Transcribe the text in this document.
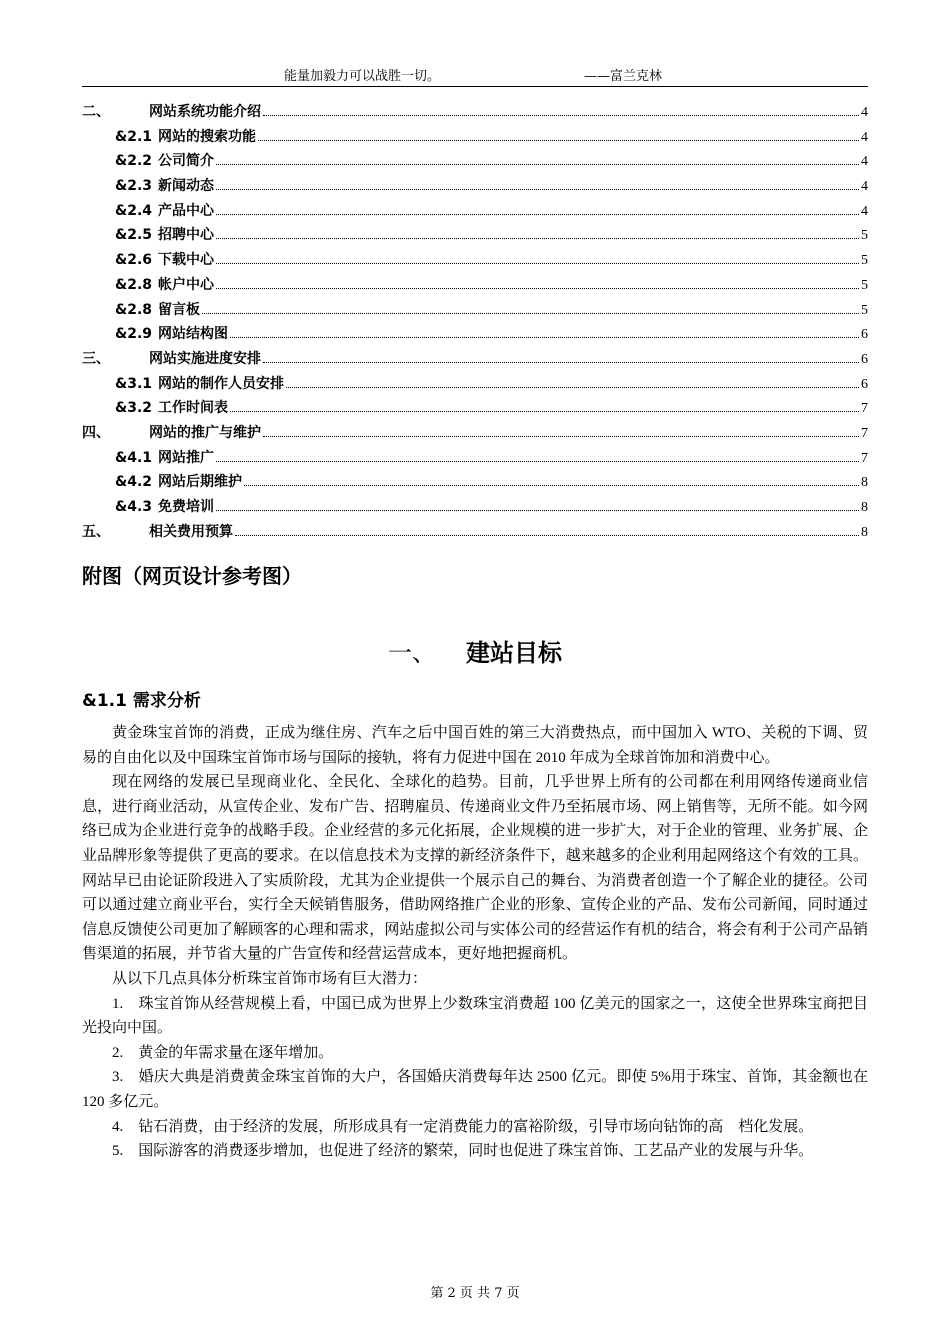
能量加毅力可以战胜一切。	——富兰克林
二、	网站系统功能介绍	4
&2.1 网站的搜索功能	4
&2.2 公司简介	4
&2.3 新闻动态	4
&2.4 产品中心	4
&2.5 招聘中心	5
&2.6 下载中心	5
&2.8 帐户中心	5
&2.8 留言板	5
&2.9 网站结构图	6
三、	网站实施进度安排	6
&3.1 网站的制作人员安排	6
&3.2 工作时间表	7
四、	网站的推广与维护	7
&4.1 网站推广	7
&4.2 网站后期维护	8
&4.3 免费培训	8
五、	相关费用预算	8
附图（网页设计参考图）
一、 建站目标
&1.1 需求分析

黄金珠宝首饰的消费，正成为继住房、汽车之后中国百姓的第三大消费热点，而中国加入 WTO、关税的下调、贸易的自由化以及中国珠宝首饰市场与国际的接轨，将有力促进中国在 2010 年成为全球首饰加和消费中心。

现在网络的发展已呈现商业化、全民化、全球化的趋势。目前，几乎世界上所有的公司都在利用网络传递商业信息，进行商业活动，从宣传企业、发布广告、招聘雇员、传递商业文件乃至拓展市场、网上销售等，无所不能。如今网络已成为企业进行竞争的战略手段。企业经营的多元化拓展，企业规模的进一步扩大，对于企业的管理、业务扩展、企业品牌形象等提供了更高的要求。在以信息技术为支撑的新经济条件下，越来越多的企业利用起网络这个有效的工具。网站早已由论证阶段进入了实质阶段，尤其为企业提供一个展示自己的舞台、为消费者创造一个了解企业的捷径。公司可以通过建立商业平台，实行全天候销售服务，借助网络推广企业的形象、宣传企业的产品、发布公司新闻，同时通过信息反馈使公司更加了解顾客的心理和需求，网站虚拟公司与实体公司的经营运作有机的结合，将会有利于公司产品销售渠道的拓展，并节省大量的广告宣传和经营运营成本，更好地把握商机。

从以下几点具体分析珠宝首饰市场有巨大潜力：

1.　珠宝首饰从经营规模上看，中国已成为世界上少数珠宝消费超 100 亿美元的国家之一，这使全世界珠宝商把目光投向中国。

2.　黄金的年需求量在逐年增加。

3.　婚庆大典是消费黄金珠宝首饰的大户，各国婚庆消费每年达 2500 亿元。即使 5%用于珠宝、首饰，其金额也在 120 多亿元。

4.　钻石消费，由于经济的发展，所形成具有一定消费能力的富裕阶级，引导市场向钻饰的高　档化发展。

5.　国际游客的消费逐步增加，也促进了经济的繁荣，同时也促进了珠宝首饰、工艺品产业的发展与升华。

第 2 页 共 7 页
